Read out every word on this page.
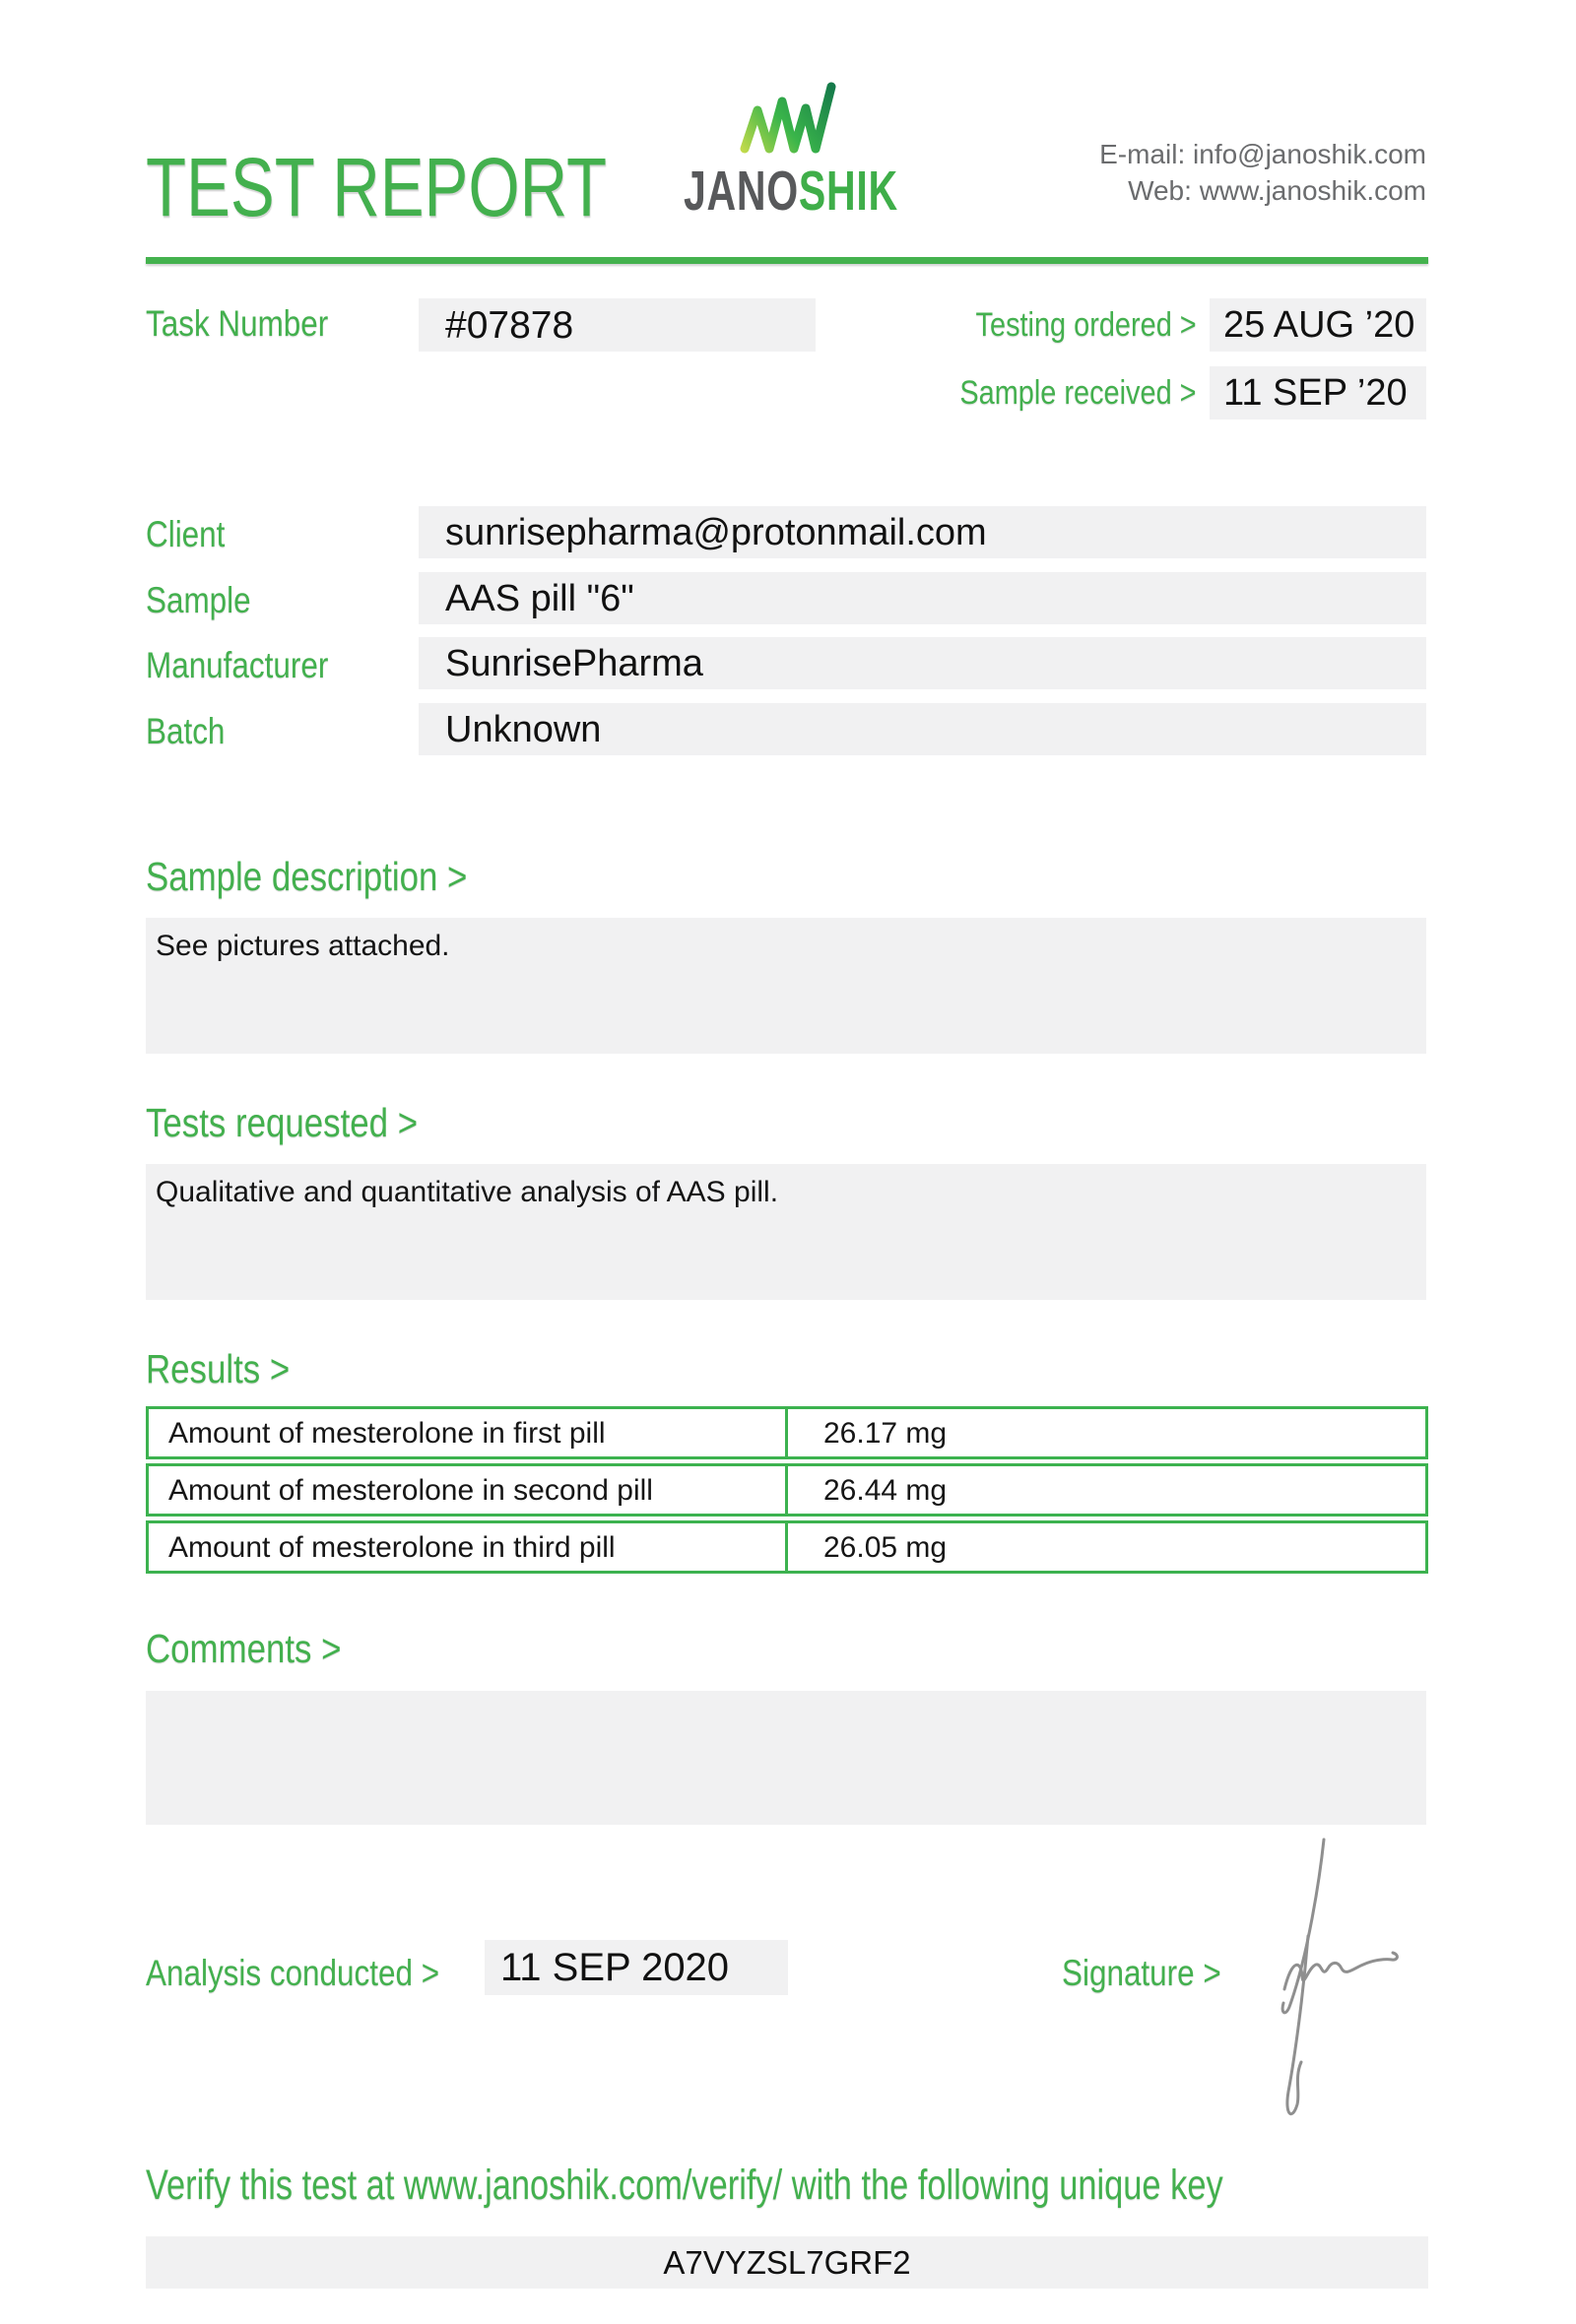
TEST REPORT JANOSHIK
E-mail: info@janoshik.com
Web: www.janoshik.com
Task Number	#07878	Testing ordered > 25 AUG ’20
Sample received > 11 SEP ’20
Client	sunrisepharma@protonmail.com
Sample	AAS pill "6"
Manufacturer	SunrisePharma
Batch	Unknown
Sample description >
See pictures attached.
Tests requested >
Qualitative and quantitative analysis of AAS pill.
Results >
Amount of mesterolone in first pill	26.17 mg
Amount of mesterolone in second pill	26.44 mg
Amount of mesterolone in third pill	26.05 mg
Comments >
Analysis conducted >	11 SEP 2020	Signature >
Verify this test at www.janoshik.com/verify/ with the following unique key
A7VYZSL7GRF2
